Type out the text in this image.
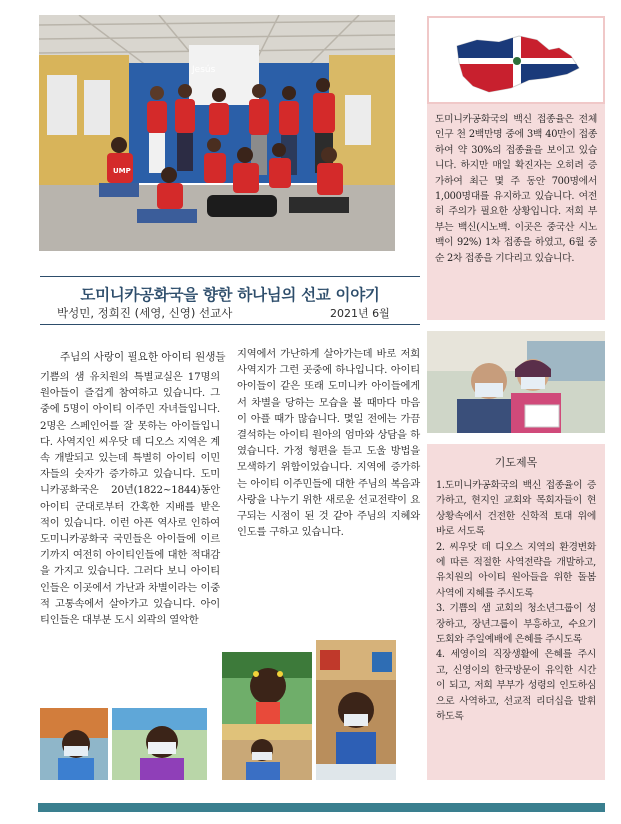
Jesús
UMP
도미니카공화국을 향한 하나님의 선교 이야기
박성민, 정희진 (세영, 신영) 선교사	2021년 6월
주님의 사랑이 필요한 아이티 원생들

기쁨의 샘 유치원의 특별교실은 17명의 원아들이 즐겁게 참여하고 있습니다. 그 중에 5명이 아이티 이주민 자녀들입니다. 2명은 스페인어를 잘 못하는 아이들입니다. 사역지인 씨우닷 데 디오스 지역은 계속 개발되고 있는데 특별히 아이티 이민자들의 숫자가 증가하고 있습니다. 도미니카공화국은 20년(1822~1844)동안 아이티 군대로부터 간혹한 지배를 받은 적이 있습니다. 이런 아픈 역사로 인하여 도미니카공화국 국민들은 아이들에 이르기까지 여전히 아이티인들에 대한 적대감을 가지고 있습니다. 그러다 보니 아이티인들은 이곳에서 가난과 차별이라는 이중적 고통속에서 살아가고 있습니다. 아이티인들은 대부분 도시 외곽의 열악한

지역에서 가난하게 살아가는데 바로 저희 사역지가 그런 곳중에 하나입니다. 아이티 아이들이 같은 또래 도미니카 아이들에게서 차별을 당하는 모습을 볼 때마다 마음이 아플 때가 많습니다. 몇일 전에는 가끔 결석하는 아이티 원아의 엄마와 상담을 하였습니다. 가정 형편을 듣고 도울 방법을 모색하기 위함이었습니다. 지역에 증가하는 아이티 이주민들에 대한 주님의 복음과 사랑을 나누기 위한 새로운 선교전략이 요구되는 시점이 된 것 같아 주님의 지혜와 인도를 구하고 있습니다.

도미니카공화국의 백신 접종율은 전체 인구 천 2백만명 중에 3백 40만이 접종하여 약 30%의 접종율을 보이고 있습니다. 하지만 매일 확진자는 오히려 증가하여 최근 몇 주 동안 700명에서 1,000명대를 유지하고 있습니다. 여전히 주의가 필요한 상황입니다. 저희 부부는 백신(시노백. 이곳은 중국산 시노백이 92%) 1차 접종을 하였고, 6월 중순 2차 접종을 기다리고 있습니다.

기도제목

1.도미니카공화국의 백신 접종율이 증가하고, 현지인 교회와 목회자들이 현 상황속에서 건전한 신학적 토대 위에 바로 서도록

2. 씨우닷 데 디오스 지역의 환경변화에 따른 적절한 사역전략을 개발하고, 유치원의 아이티 원아들을 위한 돌봄 사역에 지혜를 주시도록

3. 기쁨의 샘 교회의 청소년그룹이 성장하고, 장년그룹이 부흥하고, 수요기도회와 주일예배에 은혜를 주시도록

4. 세영이의 직장생활에 은혜를 주시고, 신영이의 한국방문이 유익한 시간이 되고, 저희 부부가 성령의 인도하심으로 사역하고, 선교적 리더십을 발휘하도록
